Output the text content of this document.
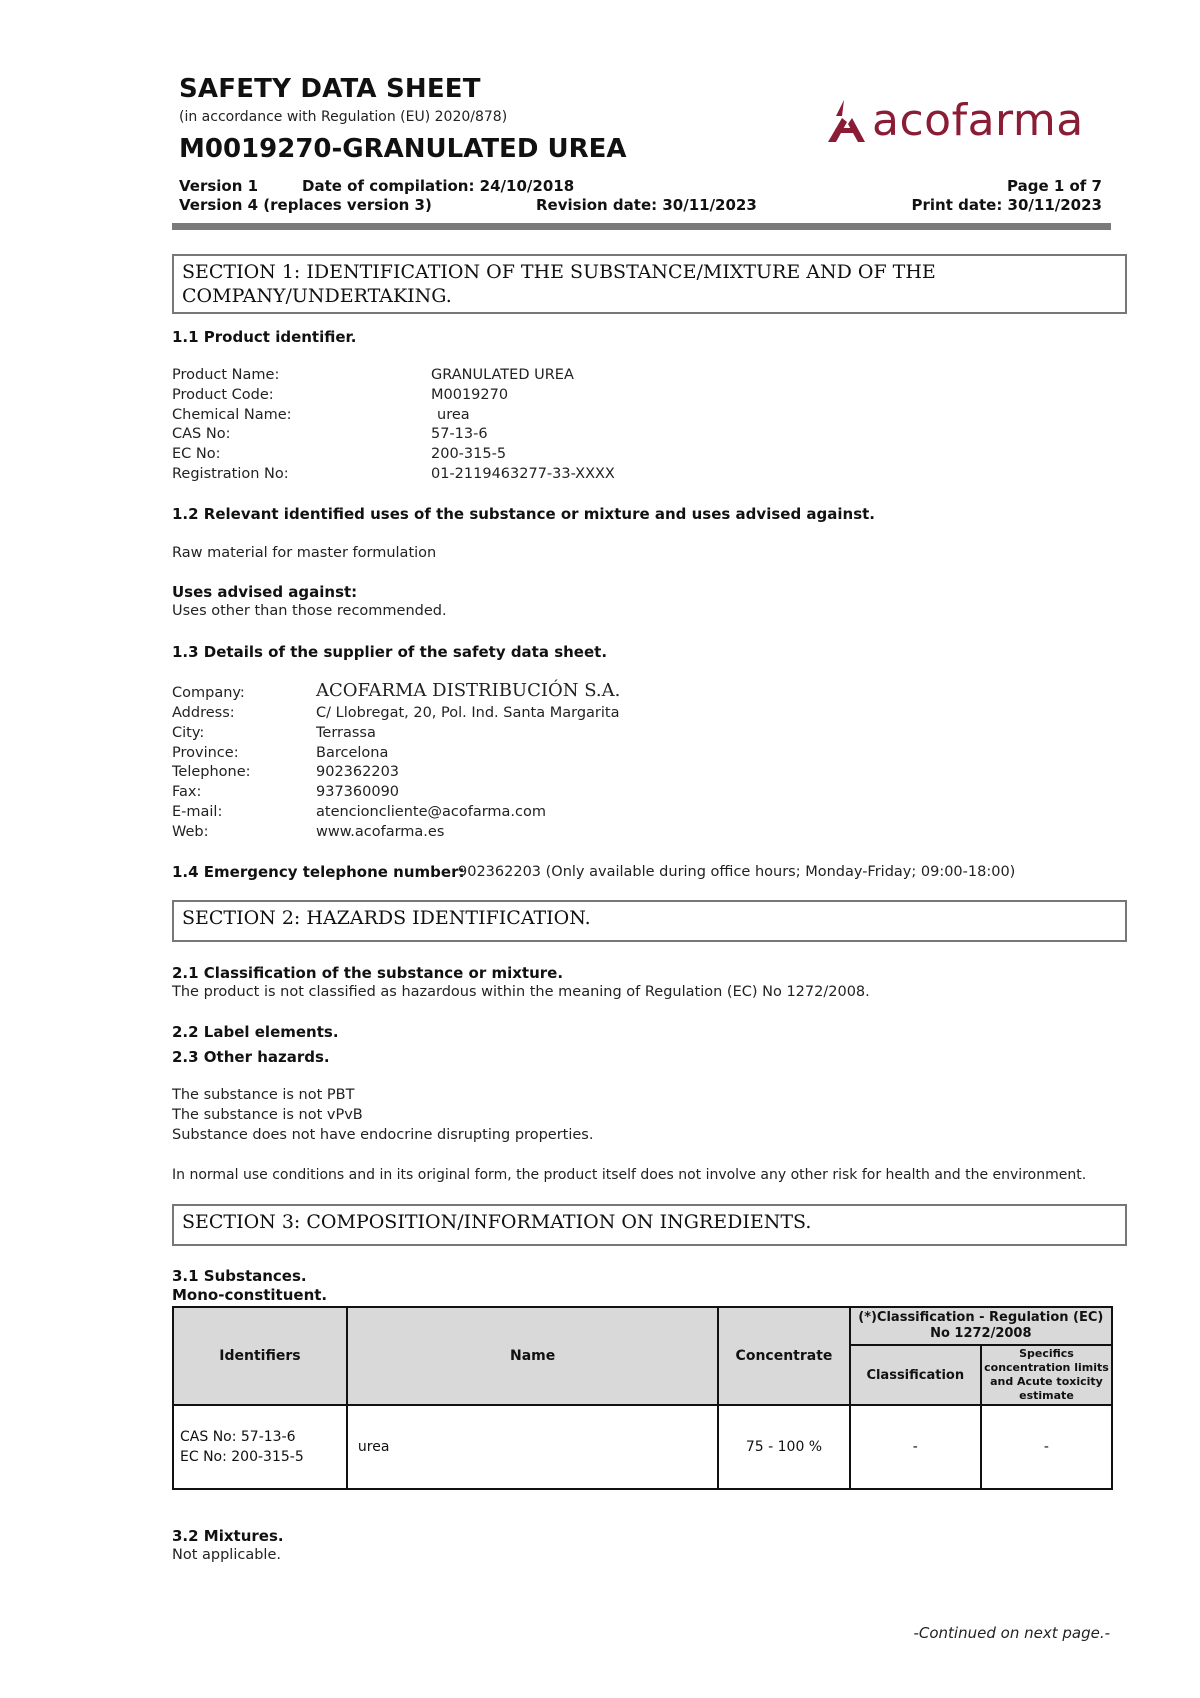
SAFETY DATA SHEET
(in accordance with Regulation (EU) 2020/878)
M0019270-GRANULATED UREA
acofarma
Version 1	Date of compilation: 24/10/2018	Page 1 of 7
Version 4 (replaces version 3)	Revision date: 30/11/2023	Print date: 30/11/2023
SECTION 1: IDENTIFICATION OF THE SUBSTANCE/MIXTURE AND OF THE
COMPANY/UNDERTAKING.
1.1 Product identifier.
Product Name:	GRANULATED UREA
Product Code:	M0019270
Chemical Name:	urea
CAS No:	57-13-6
EC No:	200-315-5
Registration No:	01-2119463277-33-XXXX
1.2 Relevant identified uses of the substance or mixture and uses advised against.
Raw material for master formulation
Uses advised against:
Uses other than those recommended.
1.3 Details of the supplier of the safety data sheet.
Company:	ACOFARMA DISTRIBUCIÓN S.A.
Address:	C/ Llobregat, 20, Pol. Ind. Santa Margarita
City:	Terrassa
Province:	Barcelona
Telephone:	902362203
Fax:	937360090
E-mail:	atencioncliente@acofarma.com
Web:	www.acofarma.es
1.4 Emergency telephone number:
902362203 (Only available during office hours; Monday-Friday; 09:00-18:00)
SECTION 2: HAZARDS IDENTIFICATION.
2.1 Classification of the substance or mixture.
The product is not classified as hazardous within the meaning of Regulation (EC) No 1272/2008.
2.2 Label elements.
2.3 Other hazards.
The substance is not PBT
The substance is not vPvB
Substance does not have endocrine disrupting properties.
In normal use conditions and in its original form, the product itself does not involve any other risk for health and the environment.
SECTION 3: COMPOSITION/INFORMATION ON INGREDIENTS.
3.1 Substances.
Mono-constituent.
Identifiers	Name	Concentrate	(*)Classification - Regulation (EC) No 1272/2008	
			Classification	Specifics concentration limits and Acute toxicity estimate

CAS No: 57-13-6
EC No: 200-315-5	urea	75 - 100 %	-	-
3.2 Mixtures.
Not applicable.
-Continued on next page.-
